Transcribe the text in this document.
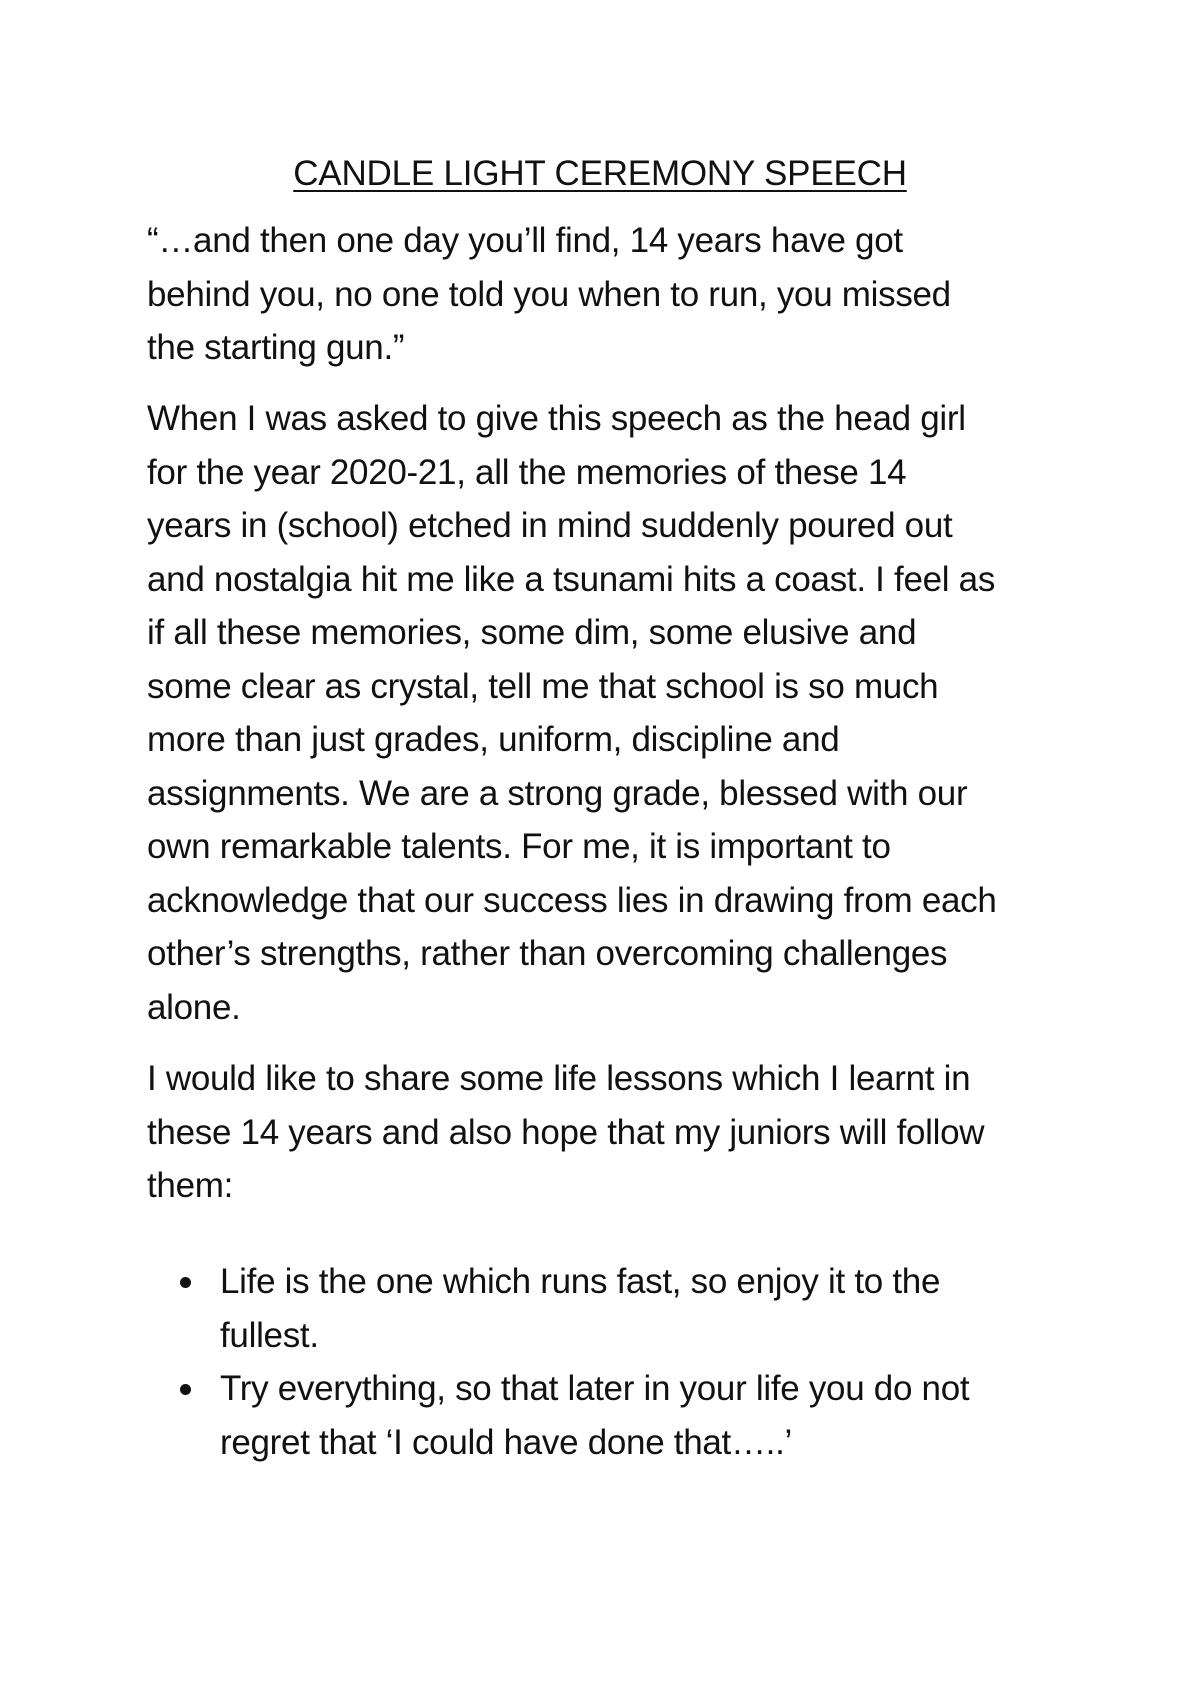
CANDLE LIGHT CEREMONY SPEECH

“…and then one day you’ll find, 14 years have got
behind you, no one told you when to run, you missed
the starting gun.”

When I was asked to give this speech as the head girl
for the year 2020-21, all the memories of these 14
years in (school) etched in mind suddenly poured out
and nostalgia hit me like a tsunami hits a coast. I feel as
if all these memories, some dim, some elusive and
some clear as crystal, tell me that school is so much
more than just grades, uniform, discipline and
assignments. We are a strong grade, blessed with our
own remarkable talents. For me, it is important to
acknowledge that our success lies in drawing from each
other’s strengths, rather than overcoming challenges
alone.

I would like to share some life lessons which I learnt in
these 14 years and also hope that my juniors will follow
them:

Life is the one which runs fast, so enjoy it to the
fullest.
Try everything, so that later in your life you do not
regret that ‘I could have done that…..’
